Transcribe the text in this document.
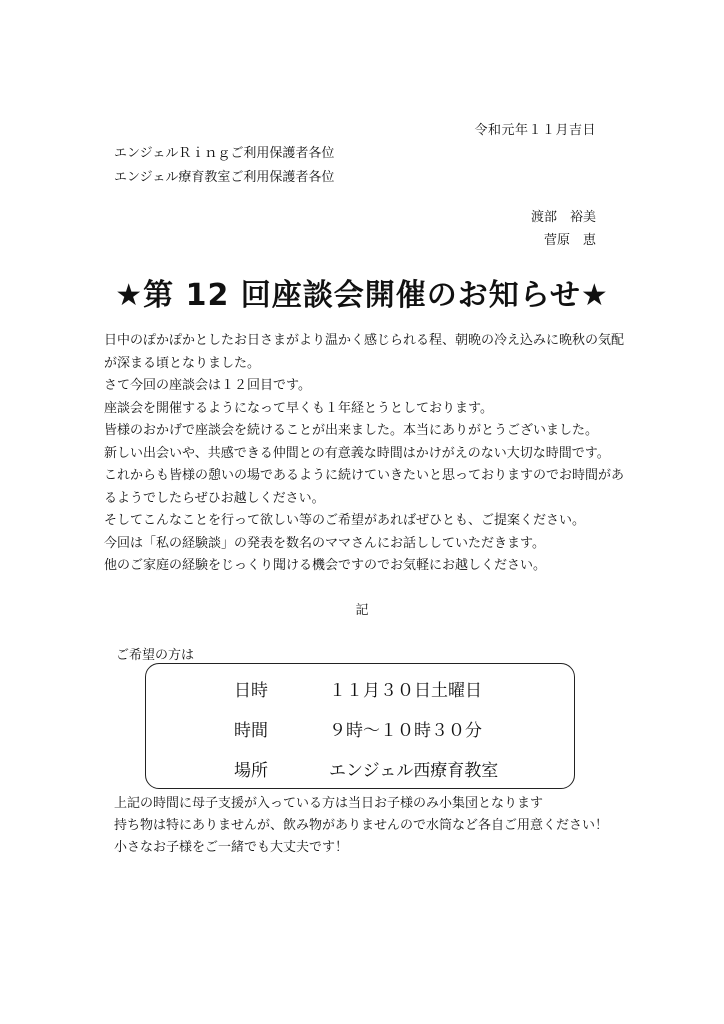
令和元年１１月吉日
エンジェルＲｉｎｇご利用保護者各位
エンジェル療育教室ご利用保護者各位
渡部　裕美
菅原　恵
★第 12 回座談会開催のお知らせ★

日中のぽかぽかとしたお日さまがより温かく感じられる程、朝晩の冷え込みに晩秋の気配

が深まる頃となりました。

さて今回の座談会は１２回目です。

座談会を開催するようになって早くも１年経とうとしております。

皆様のおかげで座談会を続けることが出来ました。本当にありがとうございました。

新しい出会いや、共感できる仲間との有意義な時間はかけがえのない大切な時間です。

これからも皆様の憩いの場であるように続けていきたいと思っておりますのでお時間があ

るようでしたらぜひお越しください。

そしてこんなことを行って欲しい等のご希望があればぜひとも、ご提案ください。

今回は「私の経験談」の発表を数名のママさんにお話ししていただきます。

他のご家庭の経験をじっくり聞ける機会ですのでお気軽にお越しください。

記
ご希望の方は
日時	１１月３０日土曜日
時間	９時～１０時３０分
場所	エンジェル西療育教室

上記の時間に母子支援が入っている方は当日お子様のみ小集団となります

持ち物は特にありませんが、飲み物がありませんので水筒など各自ご用意ください！

小さなお子様をご一緒でも大丈夫です！
